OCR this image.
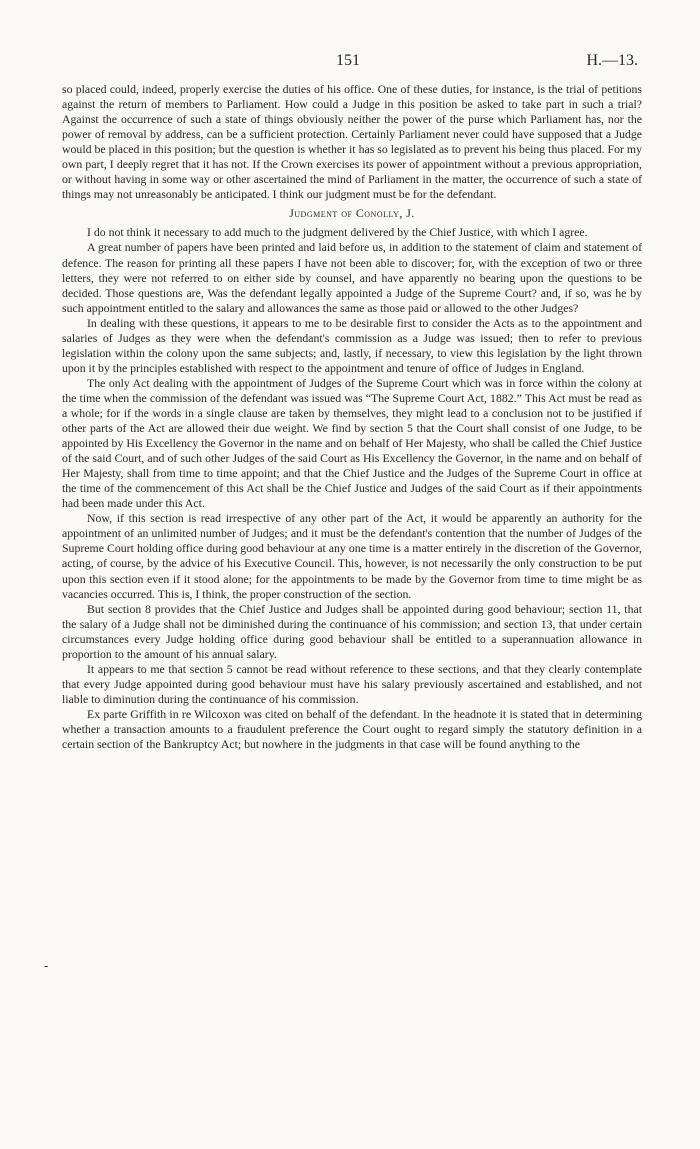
151	H.—13.
-

so placed could, indeed, properly exercise the duties of his office. One of these duties, for instance, is the trial of petitions against the return of members to Parliament. How could a Judge in this position be asked to take part in such a trial? Against the occurrence of such a state of things obviously neither the power of the purse which Parliament has, nor the power of removal by address, can be a sufficient protection. Certainly Parliament never could have supposed that a Judge would be placed in this position; but the question is whether it has so legislated as to prevent his being thus placed. For my own part, I deeply regret that it has not. If the Crown exercises its power of appointment without a previous appropriation, or without having in some way or other ascertained the mind of Parliament in the matter, the occurrence of such a state of things may not unreasonably be anticipated. I think our judgment must be for the defendant.

Judgment of Conolly, J.

I do not think it necessary to add much to the judgment delivered by the Chief Justice, with which I agree.

A great number of papers have been printed and laid before us, in addition to the statement of claim and statement of defence. The reason for printing all these papers I have not been able to discover; for, with the exception of two or three letters, they were not referred to on either side by counsel, and have apparently no bearing upon the questions to be decided. Those questions are, Was the defendant legally appointed a Judge of the Supreme Court? and, if so, was he by such appointment entitled to the salary and allowances the same as those paid or allowed to the other Judges?

In dealing with these questions, it appears to me to be desirable first to consider the Acts as to the appointment and salaries of Judges as they were when the defendant's commission as a Judge was issued; then to refer to previous legislation within the colony upon the same subjects; and, lastly, if necessary, to view this legislation by the light thrown upon it by the principles established with respect to the appointment and tenure of office of Judges in England.

The only Act dealing with the appointment of Judges of the Supreme Court which was in force within the colony at the time when the commission of the defendant was issued was “The Supreme Court Act, 1882.” This Act must be read as a whole; for if the words in a single clause are taken by themselves, they might lead to a conclusion not to be justified if other parts of the Act are allowed their due weight. We find by section 5 that the Court shall consist of one Judge, to be appointed by His Excellency the Governor in the name and on behalf of Her Majesty, who shall be called the Chief Justice of the said Court, and of such other Judges of the said Court as His Excellency the Governor, in the name and on behalf of Her Majesty, shall from time to time appoint; and that the Chief Justice and the Judges of the Supreme Court in office at the time of the commencement of this Act shall be the Chief Justice and Judges of the said Court as if their appointments had been made under this Act.

Now, if this section is read irrespective of any other part of the Act, it would be apparently an authority for the appointment of an unlimited number of Judges; and it must be the defendant's contention that the number of Judges of the Supreme Court holding office during good behaviour at any one time is a matter entirely in the discretion of the Governor, acting, of course, by the advice of his Executive Council. This, however, is not necessarily the only construction to be put upon this section even if it stood alone; for the appointments to be made by the Governor from time to time might be as vacancies occurred. This is, I think, the proper construction of the section.

But section 8 provides that the Chief Justice and Judges shall be appointed during good behaviour; section 11, that the salary of a Judge shall not be diminished during the continuance of his commission; and section 13, that under certain circumstances every Judge holding office during good behaviour shall be entitled to a superannuation allowance in proportion to the amount of his annual salary.

It appears to me that section 5 cannot be read without reference to these sections, and that they clearly contemplate that every Judge appointed during good behaviour must have his salary previously ascertained and established, and not liable to diminution during the continuance of his commission.

Ex parte Griffith in re Wilcoxon was cited on behalf of the defendant. In the headnote it is stated that in determining whether a transaction amounts to a fraudulent preference the Court ought to regard simply the statutory definition in a certain section of the Bankruptcy Act; but nowhere in the judgments in that case will be found anything to the
